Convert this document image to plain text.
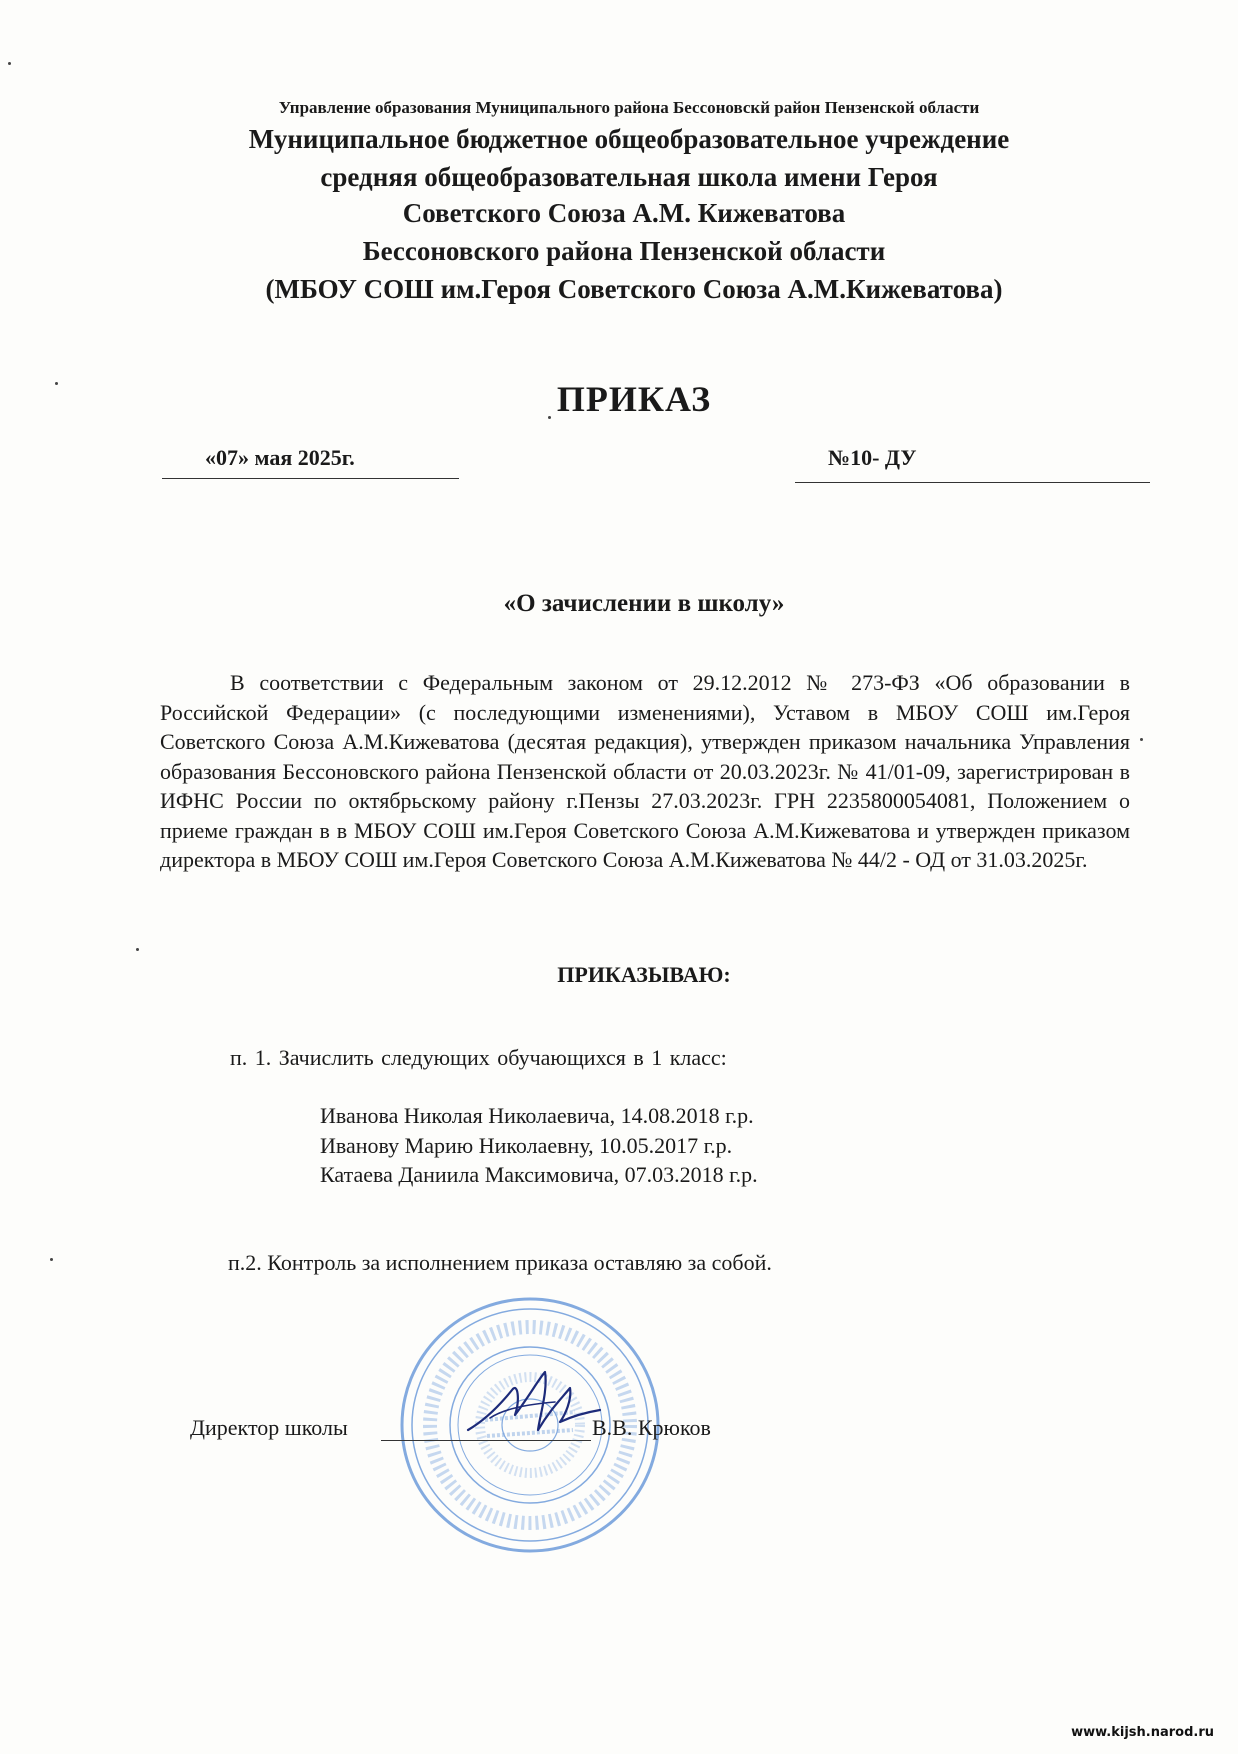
Управление образования Муниципального района Бессоновскй район Пензенской области
Муниципальное бюджетное общеобразовательное учреждение
средняя общеобразовательная школа имени Героя
Советского Союза А.М. Кижеватова
Бессоновского района Пензенской области
(МБОУ СОШ им.Героя Советского Союза А.М.Кижеватова)
ПРИКАЗ
«07» мая 2025г.	№10- ДУ
«О зачислении в школу»
В соответствии с Федеральным законом от 29.12.2012 № 273-ФЗ «Об образовании в Российской Федерации» (с последующими изменениями), Уставом в МБОУ СОШ им.Героя Советского Союза А.М.Кижеватова (десятая редакция), утвержден приказом начальника Управления образования Бессоновского района Пензенской области от 20.03.2023г. № 41/01-09, зарегистрирован в ИФНС России по октябрьскому району г.Пензы 27.03.2023г. ГРН 2235800054081, Положением о приеме граждан в в МБОУ СОШ им.Героя Советского Союза А.М.Кижеватова и утвержден приказом директора в МБОУ СОШ им.Героя Советского Союза А.М.Кижеватова № 44/2 - ОД от 31.03.2025г.
ПРИКАЗЫВАЮ:
п. 1. Зачислить следующих обучающихся в 1 класс:
Иванова Николая Николаевича, 14.08.2018 г.р.
Иванову Марию Николаевну, 10.05.2017 г.р.
Катаева Даниила Максимовича, 07.03.2018 г.р.
п.2. Контроль за исполнением приказа оставляю за собой.
Директор школы	В.В. Крюков
www.kijsh.narod.ru
